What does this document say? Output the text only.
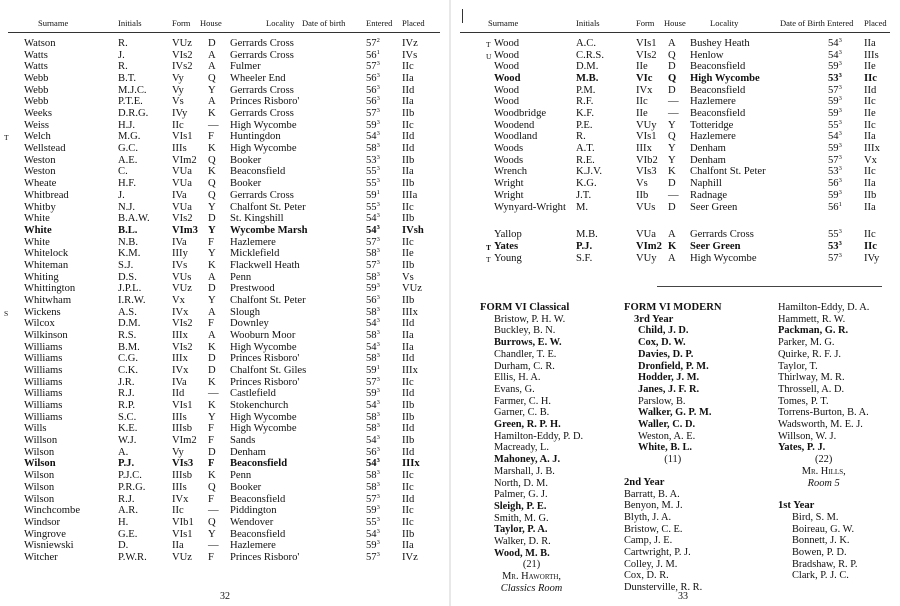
Surname	Initials	Form House	Locality Date of birth Entered Placed
Watson	R.	VUz D Gerrards Cross	$57^2$ IVz
Watts	J.	VIs2 A Gerrards Cross	$56^1$ IVs
Watts	R.	IVs2 A Fulmer	$57^3$ IIc
Webb	B.T.	Vy Q Wheeler End	$56^3$ IIa
Webb	M.J.C. Vy Y Gerrards Cross	$56^3$ IId
Webb	P.T.E.	Vs A Princes Risboro'	$56^3$ IIa
Weeks	D.R.G. IVy K Gerrards Cross	$57^3$ IIb
Weiss	H.J.	IIc — High Wycombe	$59^3$ IIc
T Welch	M.G.	VIs1 F Huntingdon	$54^3$ IId
Wellstead	G.C.	IIIs K High Wycombe	$58^3$ IId
Weston	A.E.	VIm2 Q Booker	$53^3$ IIb
Weston	C.	VUa K Beaconsfield	$55^3$ IIa
Wheate	H.F.	VUa Q Booker	$55^3$ IIb
Whitbread	J.	IVa Q Gerrards Cross	$59^1$ IIIa
Whitby	N.J.	VUa Y Chalfont St. Peter	$55^3$ IIc
White	B.A.W. VIs2 D St. Kingshill	$54^3$ IIb
White	B.L.	VIm3 Y Wycombe Marsh	$54^3$ IVsh
White	N.B.	IVa F Hazlemere	$57^3$ IIc
Whitelock	K.M.	IIIy Y Micklefield	$58^3$ IIe
Whiteman	S.J.	IVs K Flackwell Heath	$57^3$ IIb
Whiting	D.S.	VUs A Penn	$58^3$ Vs
Whittington	J.P.L.	VUz D Prestwood	$59^3$ VUz
Whitwham	I.R.W. Vx Y Chalfont St. Peter	$56^3$ IIb
S Wickens	A.S.	IVx A Slough	$58^3$ IIIx
Wilcox	D.M.	VIs2 F Downley	$54^3$ IId
Wilkinson	R.S.	IIIx A Wooburn Moor	$58^3$ IIa
Williams	B.M.	VIs2 K High Wycombe	$54^3$ IIa
Williams	C.G.	IIIx D Princes Risboro'	$58^3$ IId
Williams	C.K.	IVx D Chalfont St. Giles	$59^1$ IIIx
Williams	J.R.	IVa K Princes Risboro'	$57^3$ IIc
Williams	R.J.	IId — Castlefield	$59^3$ IId
Williams	R.P.	VIs1 K Stokenchurch	$54^3$ IIb
Williams	S.C.	IIIs Y High Wycombe	$58^3$ IIb
Wills	K.E.	IIIsb F High Wycombe	$58^3$ IId
Willson	W.J.	VIm2 F Sands	$54^3$ IIb
Wilson	A.	Vy D Denham	$56^3$ IId
Wilson	P.J.	VIs3 F Beaconsfield	$54^3$ IIIx
Wilson	P.J.C.	IIIsb K Penn	$58^3$ IIc
Wilson	P.R.G.	IIIs Q Booker	$58^3$ IIc
Wilson	R.J.	IVx F Beaconsfield	$57^3$ IId
Winchcombe	A.R.	IIc — Piddington	$59^3$ IIc
Windsor	H.	VIb1 Q Wendover	$55^3$ IIc
Wingrove	G.E.	VIs1 Y Beaconsfield	$54^3$ IIb
Wisniewski	D.	IIa — Hazlemere	$59^3$ IIa
Witcher	P.W.R. VUz F Princes Risboro'	$57^3$ IVz
32
Surname	Initials	Form House	Locality	Date of Birth Entered Placed
T Wood	A.C.	VIs1 A Bushey Heath	$54^3$ IIa
U Wood	C.R.S.	VIs2 Q Henlow	$54^3$ IIIs
Wood	D.M.	IIe D Beaconsfield	$59^3$ IIe
Wood	M.B.	VIc Q High Wycombe	$53^3$ IIc
Wood	P.M.	IVx D Beaconsfield	$57^3$ IId
Wood	R.F.	IIc — Hazlemere	$59^3$ IIc
Woodbridge	K.F.	IIe — Beaconsfield	$59^3$ IIe
Woodend	P.E.	VUy Y Totteridge	$55^3$ IIc
Woodland	R.	VIs1 Q Hazlemere	$54^3$ IIa
Woods	A.T.	IIIx Y Denham	$59^3$ IIIx
Woods	R.E.	VIb2 Y Denham	$57^3$ Vx
Wrench	K.J.V.	VIs3 K Chalfont St. Peter	$53^3$ IIc
Wright	K.G.	Vs D Naphill	$56^3$ IIa
Wright	J.T.	IIb — Radnage	$59^3$ IIb
Wynyard-Wright M.	VUs D Seer Green	$56^1$ IIa
Yallop	M.B.	VUa A Gerrards Cross	$55^3$ IIc
T Yates	P.J.	VIm2 K Seer Green	$53^3$ IIc
T Young	S.F.	VUy A High Wycombe	$57^3$ IVy
FORM VI Classical
Bristow, P. H. W.
Buckley, B. N.
Burrows, E. W.
Chandler, T. E.
Durham, C. R.
Ellis, H. A.
Evans, G.
Farmer, C. H.
Garner, C. B.
Green, R. P. H.
Hamilton-Eddy, P. D.
Macready, L.
Mahoney, A. J.
Marshall, J. B.
North, D. M.
Palmer, G. J.
Sleigh, P. E.
Smith, M. G.
Taylor, P. A.
Walker, D. R.
Wood, M. B.
(21)
Mr. Haworth,
Classics Room
FORM VI MODERN
3rd Year
Child, J. D.
Cox, D. W.
Davies, D. P.
Dronfield, P. M.
Hodder, J. M.
Janes, J. F. R.
Parslow, B.
Walker, G. P. M.
Waller, C. D.
Weston, A. E.
White, B. L.
(11)
2nd Year
Barratt, B. A.
Benyon, M. J.
Blyth, J. A.
Bristow, C. E.
Camp, J. E.
Cartwright, P. J.
Colley, J. M.
Cox, D. R.
Dunsterville, R. R.
Hamilton-Eddy, D. A.
Hammett, R. W.
Packman, G. R.
Parker, M. G.
Quirke, R. F. J.
Taylor, T.
Thirlway, M. R.
Throssell, A. D.
Tomes, P. T.
Torrens-Burton, B. A.
Wadsworth, M. E. J.
Willson, W. J.
Yates, P. J.
(22)
Mr. Hills,
Room 5
1st Year
Bird, S. M.
Boireau, G. W.
Bonnett, J. K.
Bowen, P. D.
Bradshaw, R. P.
Clark, P. J. C.
33
